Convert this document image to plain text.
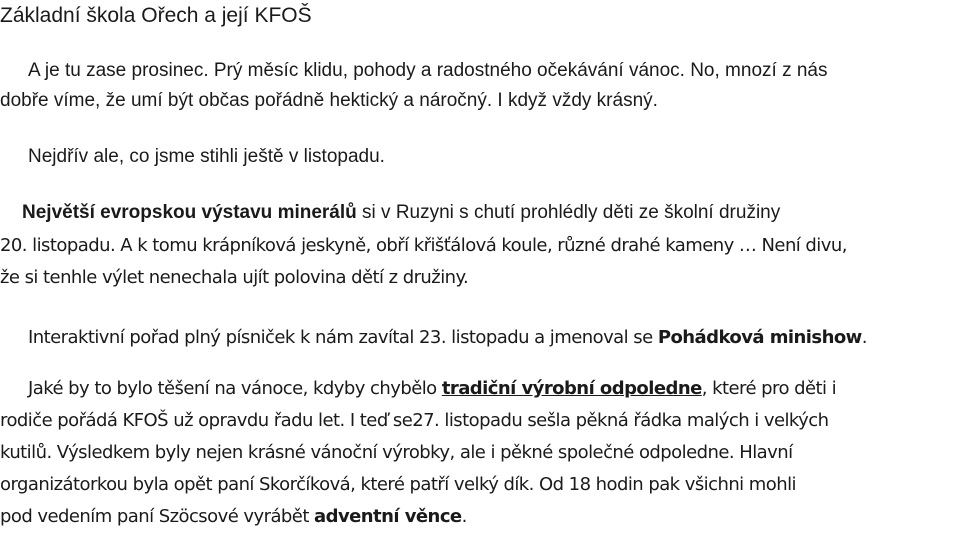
Základní škola Ořech a její KFOŠ
A je tu zase prosinec. Prý měsíc klidu, pohody a radostného očekávání vánoc. No, mnozí z nás
dobře víme, že umí být občas pořádně hektický a náročný. I když vždy krásný.
Nejdřív ale, co jsme stihli ještě v listopadu.
Největší evropskou výstavu minerálů si v Ruzyni s chutí prohlédly děti ze školní družiny
20. listopadu. A k tomu krápníková jeskyně, obří křišťálová koule, různé drahé kameny … Není divu,
že si tenhle výlet nenechala ujít polovina dětí z družiny.
Interaktivní pořad plný písniček k nám zavítal 23. listopadu a jmenoval se Pohádková minishow.
Jaké by to bylo těšení na vánoce, kdyby chybělo tradiční výrobní odpoledne, které pro děti i
rodiče pořádá KFOŠ už opravdu řadu let. I teď se27. listopadu sešla pěkná řádka malých i velkých
kutilů. Výsledkem byly nejen krásné vánoční výrobky, ale i pěkné společné odpoledne. Hlavní
organizátorkou byla opět paní Skorčíková, které patří velký dík. Od 18 hodin pak všichni mohli
pod vedením paní Szöcsové vyrábět adventní věnce.
